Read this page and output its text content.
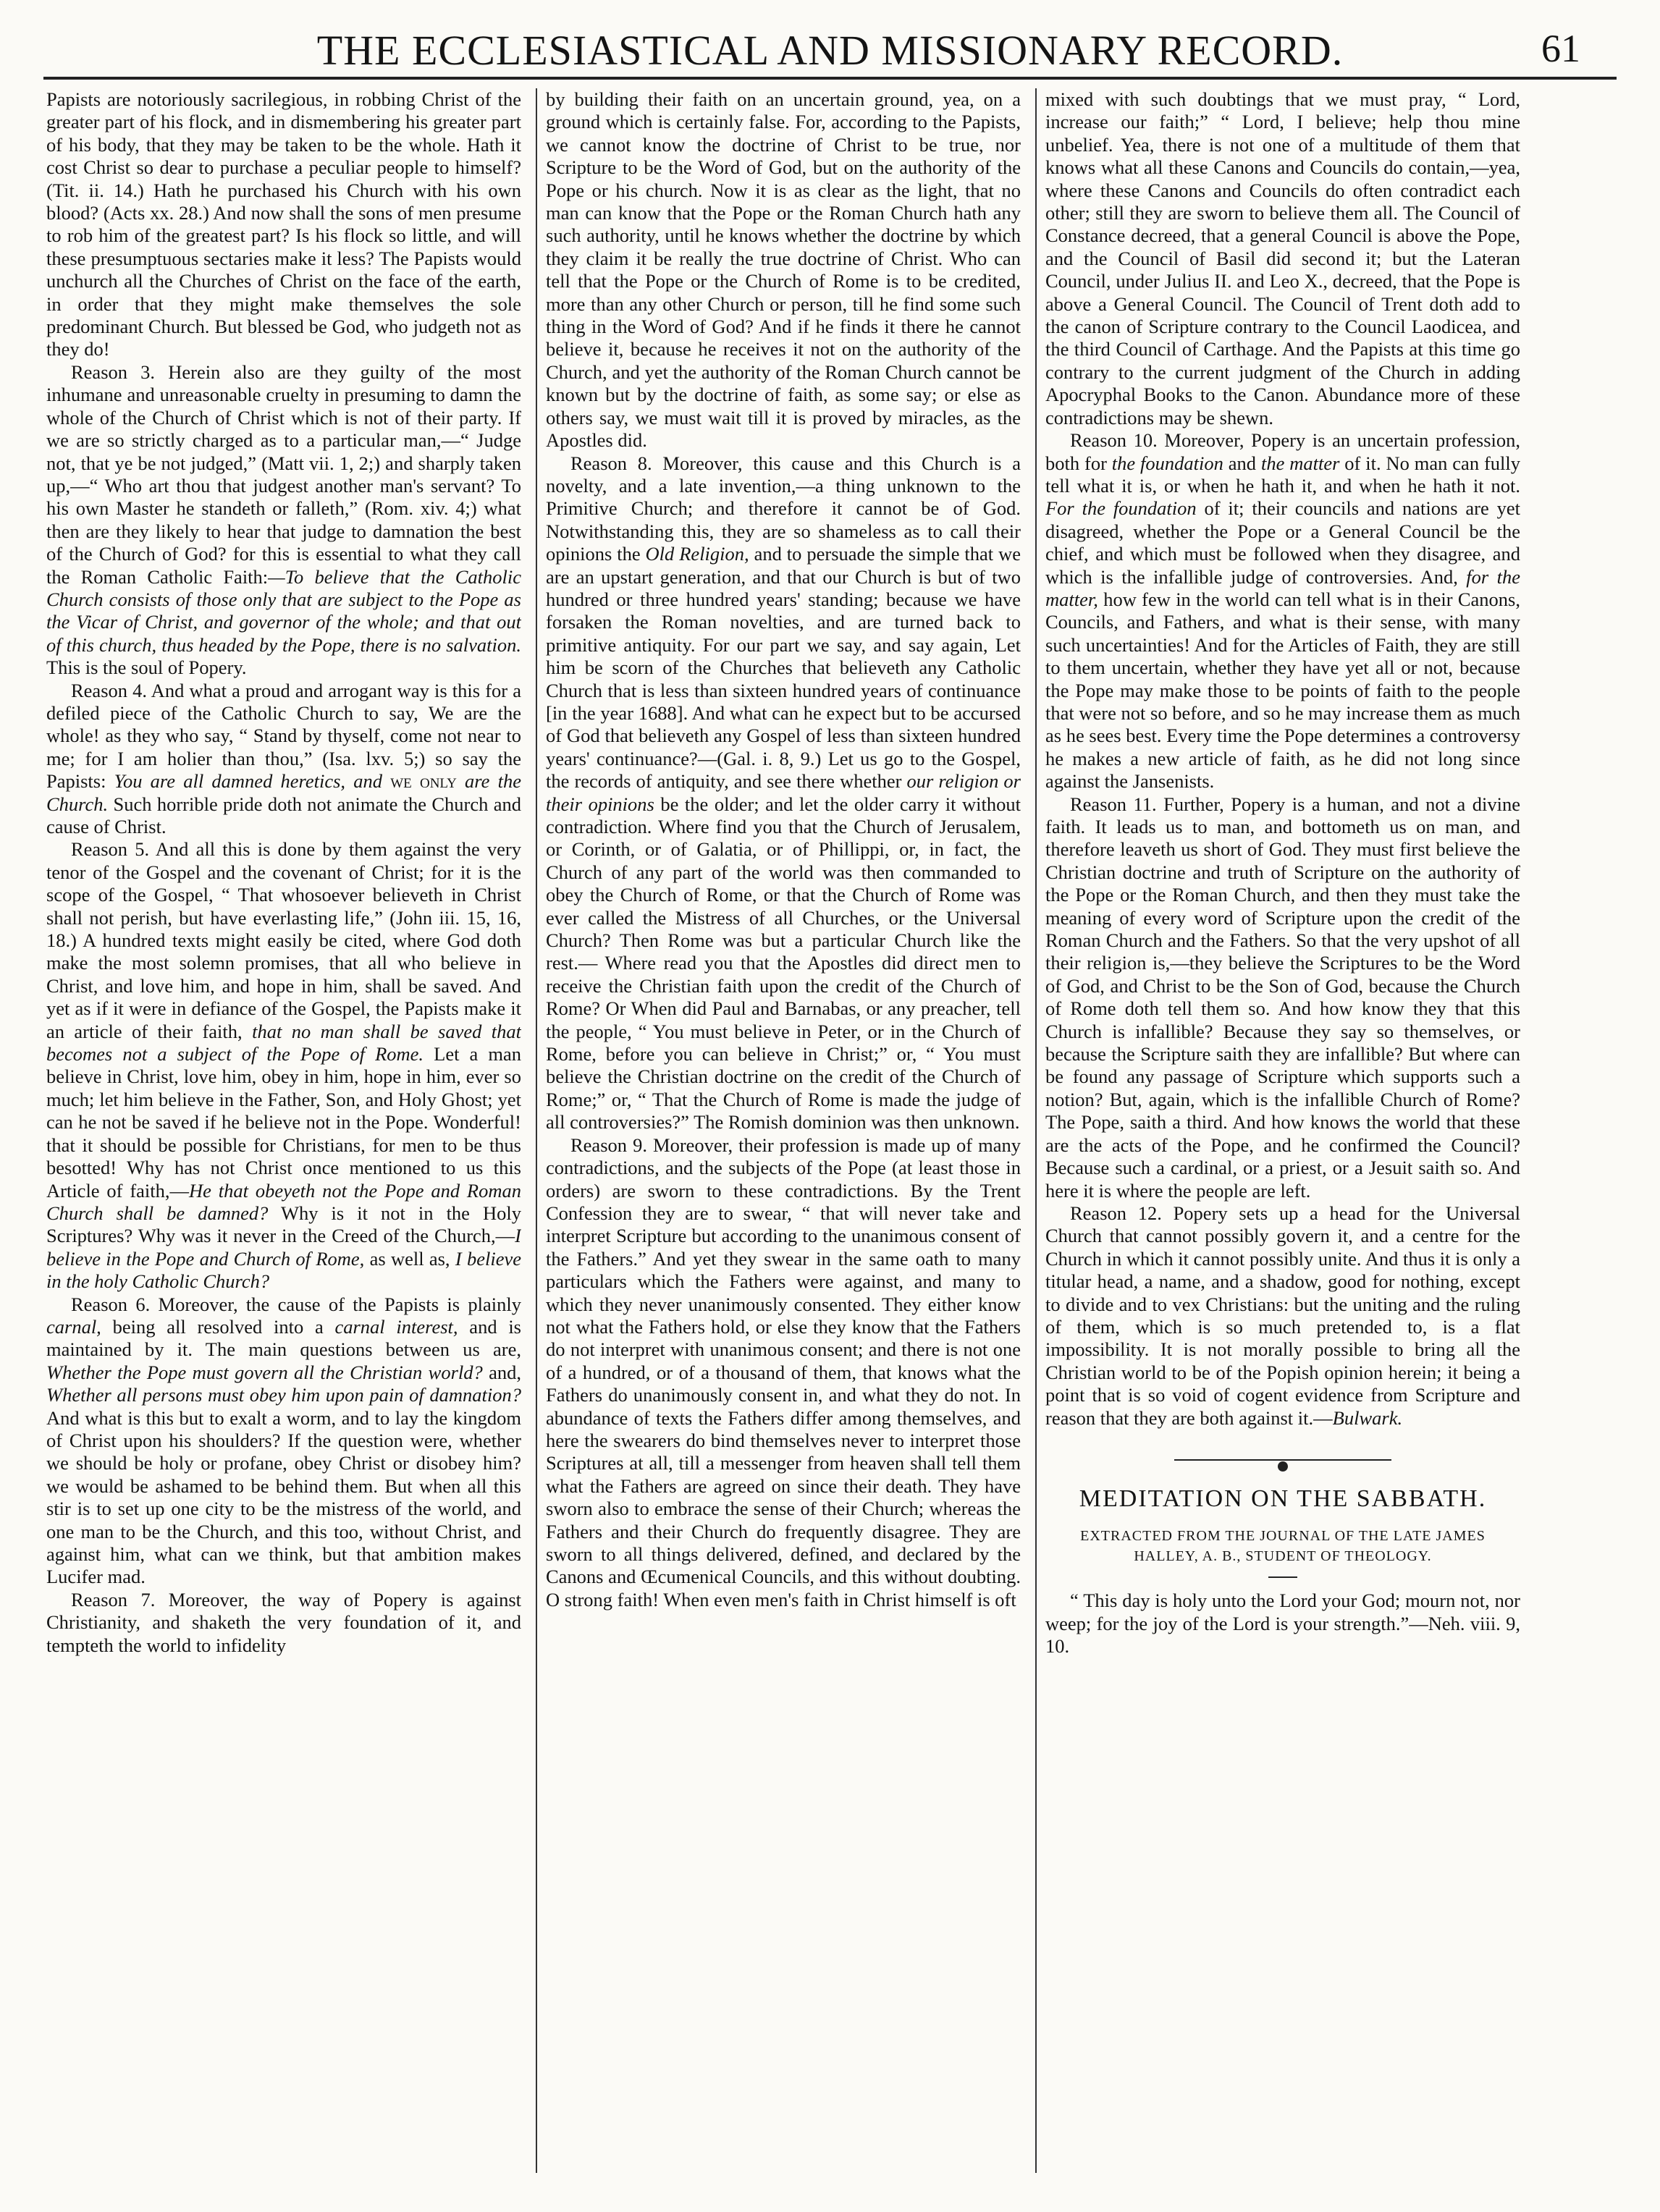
THE ECCLESIASTICAL AND MISSIONARY RECORD.	61

Papists are notoriously sacrilegious, in robbing Christ of the greater part of his flock, and in dismembering his greater part of his body, that they may be taken to be the whole. Hath it cost Christ so dear to purchase a peculiar people to himself? (Tit. ii. 14.) Hath he purchased his Church with his own blood? (Acts xx. 28.) And now shall the sons of men presume to rob him of the greatest part? Is his flock so little, and will these presumptuous sectaries make it less? The Papists would unchurch all the Churches of Christ on the face of the earth, in order that they might make themselves the sole predominant Church. But blessed be God, who judgeth not as they do!

Reason 3. Herein also are they guilty of the most inhumane and unreasonable cruelty in presuming to damn the whole of the Church of Christ which is not of their party. If we are so strictly charged as to a particular man,—“ Judge not, that ye be not judged,” (Matt vii. 1, 2;) and sharply taken up,—“ Who art thou that judgest another man's servant? To his own Master he standeth or falleth,” (Rom. xiv. 4;) what then are they likely to hear that judge to damnation the best of the Church of God? for this is essential to what they call the Roman Catholic Faith:—To believe that the Catholic Church consists of those only that are subject to the Pope as the Vicar of Christ, and governor of the whole; and that out of this church, thus headed by the Pope, there is no salvation. This is the soul of Popery.

Reason 4. And what a proud and arrogant way is this for a defiled piece of the Catholic Church to say, We are the whole! as they who say, “ Stand by thyself, come not near to me; for I am holier than thou,” (Isa. lxv. 5;) so say the Papists: You are all damned heretics, and we only are the Church. Such horrible pride doth not animate the Church and cause of Christ.

Reason 5. And all this is done by them against the very tenor of the Gospel and the covenant of Christ; for it is the scope of the Gospel, “ That whosoever believeth in Christ shall not perish, but have everlasting life,” (John iii. 15, 16, 18.) A hundred texts might easily be cited, where God doth make the most solemn promises, that all who believe in Christ, and love him, and hope in him, shall be saved. And yet as if it were in defiance of the Gospel, the Papists make it an article of their faith, that no man shall be saved that becomes not a subject of the Pope of Rome. Let a man believe in Christ, love him, obey in him, hope in him, ever so much; let him believe in the Father, Son, and Holy Ghost; yet can he not be saved if he believe not in the Pope. Wonderful! that it should be possible for Christians, for men to be thus besotted! Why has not Christ once mentioned to us this Article of faith,—He that obeyeth not the Pope and Roman Church shall be damned? Why is it not in the Holy Scriptures? Why was it never in the Creed of the Church,—I believe in the Pope and Church of Rome, as well as, I believe in the holy Catholic Church?

Reason 6. Moreover, the cause of the Papists is plainly carnal, being all resolved into a carnal interest, and is maintained by it. The main questions between us are, Whether the Pope must govern all the Christian world? and, Whether all persons must obey him upon pain of damnation? And what is this but to exalt a worm, and to lay the kingdom of Christ upon his shoulders? If the question were, whether we should be holy or profane, obey Christ or disobey him? we would be ashamed to be behind them. But when all this stir is to set up one city to be the mistress of the world, and one man to be the Church, and this too, without Christ, and against him, what can we think, but that ambition makes Lucifer mad.

Reason 7. Moreover, the way of Popery is against Christianity, and shaketh the very foundation of it, and tempteth the world to infidelity

by building their faith on an uncertain ground, yea, on a ground which is certainly false. For, according to the Papists, we cannot know the doctrine of Christ to be true, nor Scripture to be the Word of God, but on the authority of the Pope or his church. Now it is as clear as the light, that no man can know that the Pope or the Roman Church hath any such authority, until he knows whether the doctrine by which they claim it be really the true doctrine of Christ. Who can tell that the Pope or the Church of Rome is to be credited, more than any other Church or person, till he find some such thing in the Word of God? And if he finds it there he cannot believe it, because he receives it not on the authority of the Church, and yet the authority of the Roman Church cannot be known but by the doctrine of faith, as some say; or else as others say, we must wait till it is proved by miracles, as the Apostles did.

Reason 8. Moreover, this cause and this Church is a novelty, and a late invention,—a thing unknown to the Primitive Church; and therefore it cannot be of God. Notwithstanding this, they are so shameless as to call their opinions the Old Religion, and to persuade the simple that we are an upstart generation, and that our Church is but of two hundred or three hundred years' standing; because we have forsaken the Roman novelties, and are turned back to primitive antiquity. For our part we say, and say again, Let him be scorn of the Churches that believeth any Catholic Church that is less than sixteen hundred years of continuance [in the year 1688]. And what can he expect but to be accursed of God that believeth any Gospel of less than sixteen hundred years' continuance?—(Gal. i. 8, 9.) Let us go to the Gospel, the records of antiquity, and see there whether our religion or their opinions be the older; and let the older carry it without contradiction. Where find you that the Church of Jerusalem, or Corinth, or of Galatia, or of Phillippi, or, in fact, the Church of any part of the world was then commanded to obey the Church of Rome, or that the Church of Rome was ever called the Mistress of all Churches, or the Universal Church? Then Rome was but a particular Church like the rest.— Where read you that the Apostles did direct men to receive the Christian faith upon the credit of the Church of Rome? Or When did Paul and Barnabas, or any preacher, tell the people, “ You must believe in Peter, or in the Church of Rome, before you can believe in Christ;” or, “ You must believe the Christian doctrine on the credit of the Church of Rome;” or, “ That the Church of Rome is made the judge of all controversies?” The Romish dominion was then unknown.

Reason 9. Moreover, their profession is made up of many contradictions, and the subjects of the Pope (at least those in orders) are sworn to these contradictions. By the Trent Confession they are to swear, “ that will never take and interpret Scripture but according to the unanimous consent of the Fathers.” And yet they swear in the same oath to many particulars which the Fathers were against, and many to which they never unanimously consented. They either know not what the Fathers hold, or else they know that the Fathers do not interpret with unanimous consent; and there is not one of a hundred, or of a thousand of them, that knows what the Fathers do unanimously consent in, and what they do not. In abundance of texts the Fathers differ among themselves, and here the swearers do bind themselves never to interpret those Scriptures at all, till a messenger from heaven shall tell them what the Fathers are agreed on since their death. They have sworn also to embrace the sense of their Church; whereas the Fathers and their Church do frequently disagree. They are sworn to all things delivered, defined, and declared by the Canons and Œcumenical Councils, and this without doubting. O strong faith! When even men's faith in Christ himself is oft

mixed with such doubtings that we must pray, “ Lord, increase our faith;” “ Lord, I believe; help thou mine unbelief. Yea, there is not one of a multitude of them that knows what all these Canons and Councils do contain,—yea, where these Canons and Councils do often contradict each other; still they are sworn to believe them all. The Council of Constance decreed, that a general Council is above the Pope, and the Council of Basil did second it; but the Lateran Council, under Julius II. and Leo X., decreed, that the Pope is above a General Council. The Council of Trent doth add to the canon of Scripture contrary to the Council Laodicea, and the third Council of Carthage. And the Papists at this time go contrary to the current judgment of the Church in adding Apocryphal Books to the Canon. Abundance more of these contradictions may be shewn.

Reason 10. Moreover, Popery is an uncertain profession, both for the foundation and the matter of it. No man can fully tell what it is, or when he hath it, and when he hath it not. For the foundation of it; their councils and nations are yet disagreed, whether the Pope or a General Council be the chief, and which must be followed when they disagree, and which is the infallible judge of controversies. And, for the matter, how few in the world can tell what is in their Canons, Councils, and Fathers, and what is their sense, with many such uncertainties! And for the Articles of Faith, they are still to them uncertain, whether they have yet all or not, because the Pope may make those to be points of faith to the people that were not so before, and so he may increase them as much as he sees best. Every time the Pope determines a controversy he makes a new article of faith, as he did not long since against the Jansenists.

Reason 11. Further, Popery is a human, and not a divine faith. It leads us to man, and bottometh us on man, and therefore leaveth us short of God. They must first believe the Christian doctrine and truth of Scripture on the authority of the Pope or the Roman Church, and then they must take the meaning of every word of Scripture upon the credit of the Roman Church and the Fathers. So that the very upshot of all their religion is,—they believe the Scriptures to be the Word of God, and Christ to be the Son of God, because the Church of Rome doth tell them so. And how know they that this Church is infallible? Because they say so themselves, or because the Scripture saith they are infallible? But where can be found any passage of Scripture which supports such a notion? But, again, which is the infallible Church of Rome? The Pope, saith a third. And how knows the world that these are the acts of the Pope, and he confirmed the Council? Because such a cardinal, or a priest, or a Jesuit saith so. And here it is where the people are left.

Reason 12. Popery sets up a head for the Universal Church that cannot possibly govern it, and a centre for the Church in which it cannot possibly unite. And thus it is only a titular head, a name, and a shadow, good for nothing, except to divide and to vex Christians: but the uniting and the ruling of them, which is so much pretended to, is a flat impossibility. It is not morally possible to bring all the Christian world to be of the Popish opinion herein; it being a point that is so void of cogent evidence from Scripture and reason that they are both against it.—Bulwark.

MEDITATION ON THE SABBATH.
EXTRACTED FROM THE JOURNAL OF THE LATE JAMES HALLEY, A. B., STUDENT OF THEOLOGY.

“ This day is holy unto the Lord your God; mourn not, nor weep; for the joy of the Lord is your strength.”—Neh. viii. 9, 10.
